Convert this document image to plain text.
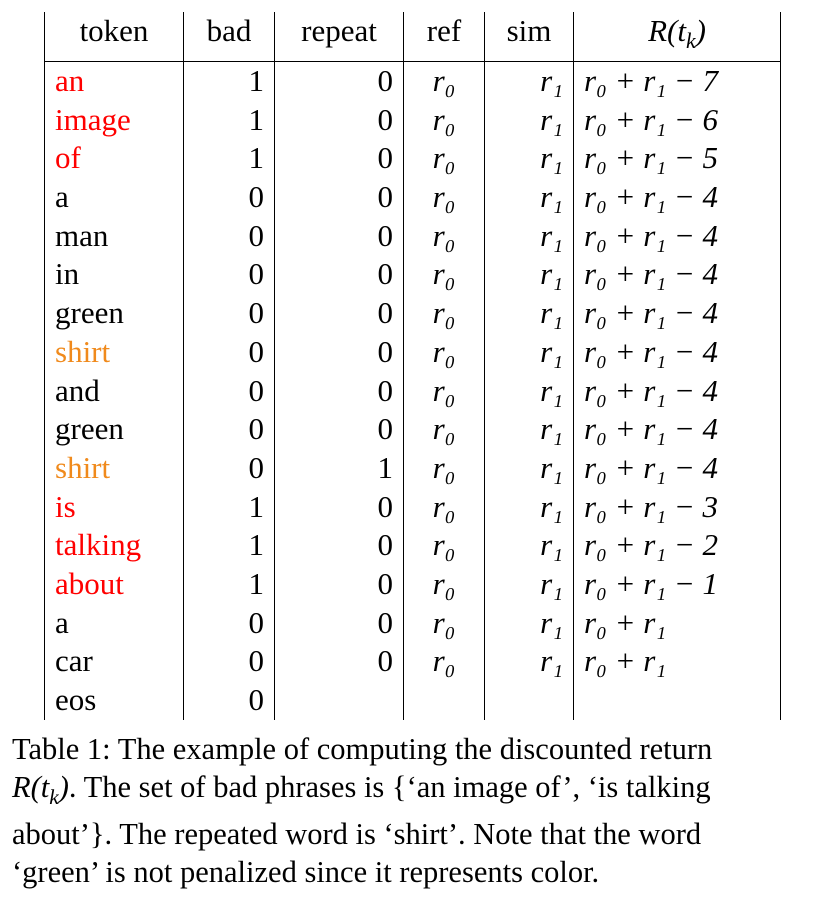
token	bad	repeat	ref	sim	$R(t_k)$
an	1	0	r₀	r₁	r₀ + r₁ − 7
image	1	0	r₀	r₁	r₀ + r₁ − 6
of	1	0	r₀	r₁	r₀ + r₁ − 5
a	0	0	r₀	r₁	r₀ + r₁ − 4
man	0	0	r₀	r₁	r₀ + r₁ − 4
in	0	0	r₀	r₁	r₀ + r₁ − 4
green	0	0	r₀	r₁	r₀ + r₁ − 4
shirt	0	0	r₀	r₁	r₀ + r₁ − 4
and	0	0	r₀	r₁	r₀ + r₁ − 4
green	0	0	r₀	r₁	r₀ + r₁ − 4
shirt	0	1	r₀	r₁	r₀ + r₁ − 4
is	1	0	r₀	r₁	r₀ + r₁ − 3
talking	1	0	r₀	r₁	r₀ + r₁ − 2
about	1	0	r₀	r₁	r₀ + r₁ − 1
a	0	0	r₀	r₁	r₀ + r₁
car	0	0	r₀	r₁	r₀ + r₁
eos	0				
Table 1: The example of computing the discounted return
$R(t_k)$. The set of bad phrases is {‘an image of’, ‘is talking
about’}. The repeated word is ‘shirt’. Note that the word
‘green’ is not penalized since it represents color.
